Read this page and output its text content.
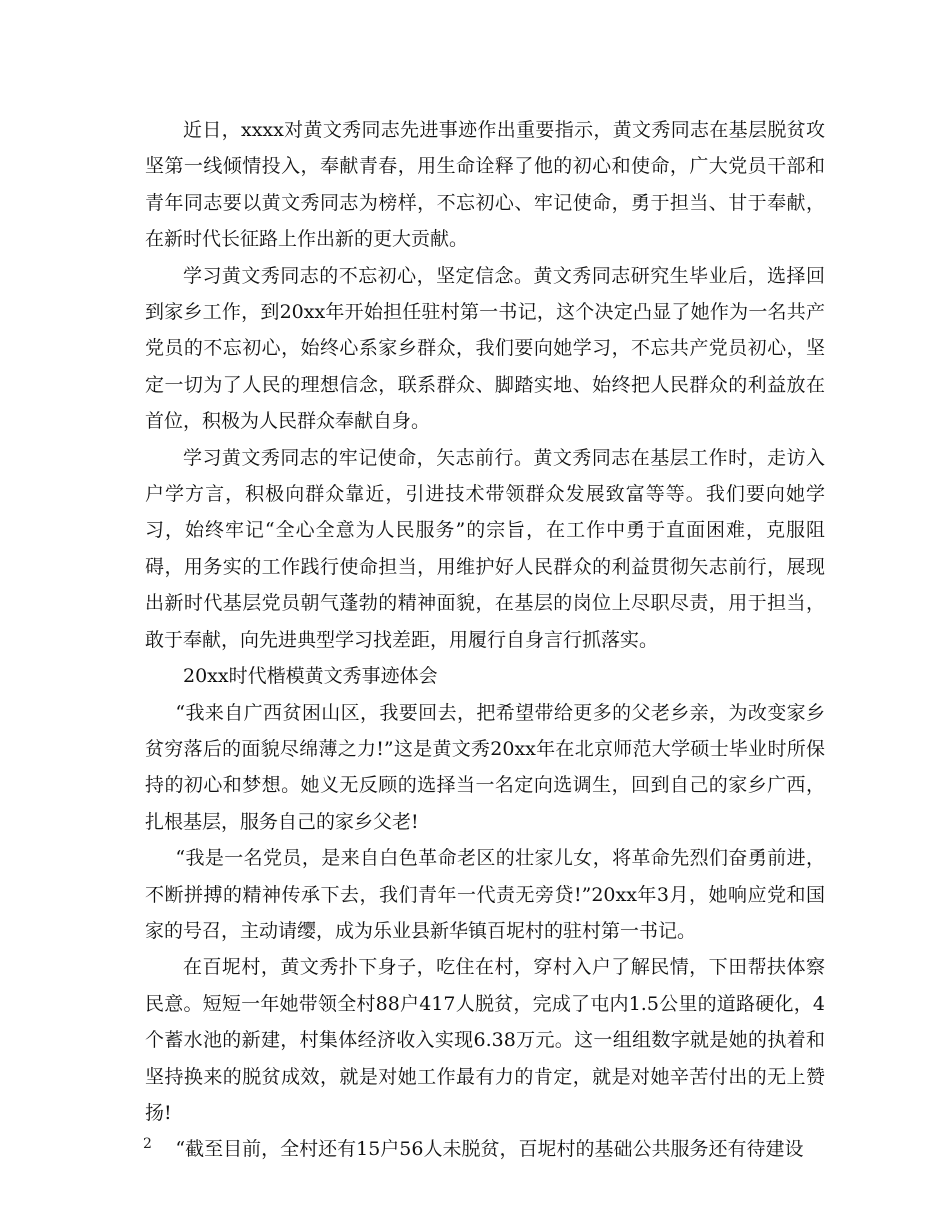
近日，xxxx对黄文秀同志先进事迹作出重要指示，黄文秀同志在基层脱贫攻坚第一线倾情投入，奉献青春，用生命诠释了他的初心和使命，广大党员干部和青年同志要以黄文秀同志为榜样，不忘初心、牢记使命，勇于担当、甘于奉献，在新时代长征路上作出新的更大贡献。

学习黄文秀同志的不忘初心，坚定信念。黄文秀同志研究生毕业后，选择回到家乡工作，到20xx年开始担任驻村第一书记，这个决定凸显了她作为一名共产党员的不忘初心，始终心系家乡群众，我们要向她学习，不忘共产党员初心，坚定一切为了人民的理想信念，联系群众、脚踏实地、始终把人民群众的利益放在首位，积极为人民群众奉献自身。

学习黄文秀同志的牢记使命，矢志前行。黄文秀同志在基层工作时，走访入户学方言，积极向群众靠近，引进技术带领群众发展致富等等。我们要向她学习，始终牢记“全心全意为人民服务”的宗旨，在工作中勇于直面困难，克服阻碍，用务实的工作践行使命担当，用维护好人民群众的利益贯彻矢志前行，展现出新时代基层党员朝气蓬勃的精神面貌，在基层的岗位上尽职尽责，用于担当，敢于奉献，向先进典型学习找差距，用履行自身言行抓落实。

20xx时代楷模黄文秀事迹体会

“我来自广西贫困山区，我要回去，把希望带给更多的父老乡亲，为改变家乡贫穷落后的面貌尽绵薄之力!”这是黄文秀20xx年在北京师范大学硕士毕业时所保持的初心和梦想。她义无反顾的选择当一名定向选调生，回到自己的家乡广西，扎根基层，服务自己的家乡父老!

“我是一名党员，是来自白色革命老区的壮家儿女，将革命先烈们奋勇前进，不断拼搏的精神传承下去，我们青年一代责无旁贷!”20xx年3月，她响应党和国家的号召，主动请缨，成为乐业县新华镇百坭村的驻村第一书记。

在百坭村，黄文秀扑下身子，吃住在村，穿村入户了解民情，下田帮扶体察民意。短短一年她带领全村88户417人脱贫，完成了屯内1.5公里的道路硬化，4个蓄水池的新建，村集体经济收入实现6.38万元。这一组组数字就是她的执着和坚持换来的脱贫成效，就是对她工作最有力的肯定，就是对她辛苦付出的无上赞扬!

“截至目前，全村还有15户56人未脱贫，百坭村的基础公共服务还有待建设

2
